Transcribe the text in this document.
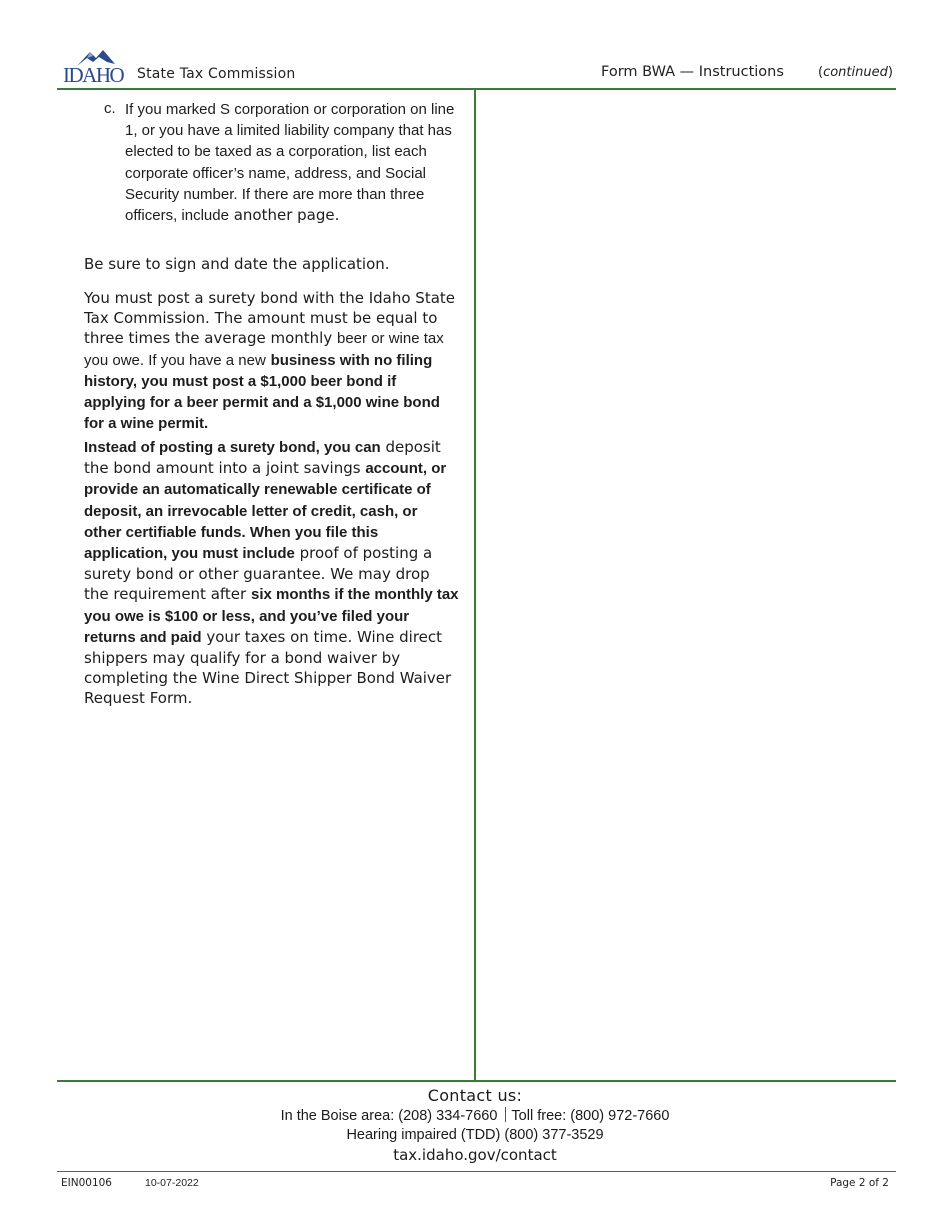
IDAHO State Tax Commission	Form BWA — Instructions	(continued)
c. If you marked S corporation or corporation on line 1, or you have a limited liability company that has elected to be taxed as a corporation, list each corporate officer’s name, address, and Social Security number. If there are more than three officers, include another page.

Be sure to sign and date the application.

You must post a surety bond with the Idaho State Tax Commission. The amount must be equal to three times the average monthly beer or wine tax you owe. If you have a new business with no filing history, you must post a $1,000 beer bond if applying for a beer permit and a $1,000 wine bond for a wine permit.

Instead of posting a surety bond, you can deposit the bond amount into a joint savings account, or provide an automatically renewable certificate of deposit, an irrevocable letter of credit, cash, or other certifiable funds. When you file this application, you must include proof of posting a surety bond or other guarantee. We may drop the requirement after six months if the monthly tax you owe is $100 or less, and you’ve filed your returns and paid your taxes on time. Wine direct shippers may qualify for a bond waiver by completing the Wine Direct Shipper Bond Waiver Request Form.

Contact us:
In the Boise area: (208) 334-7660 Toll free: (800) 972-7660
Hearing impaired (TDD) (800) 377-3529
tax.idaho.gov/contact
EIN00106	10-07-2022	Page 2 of 2
